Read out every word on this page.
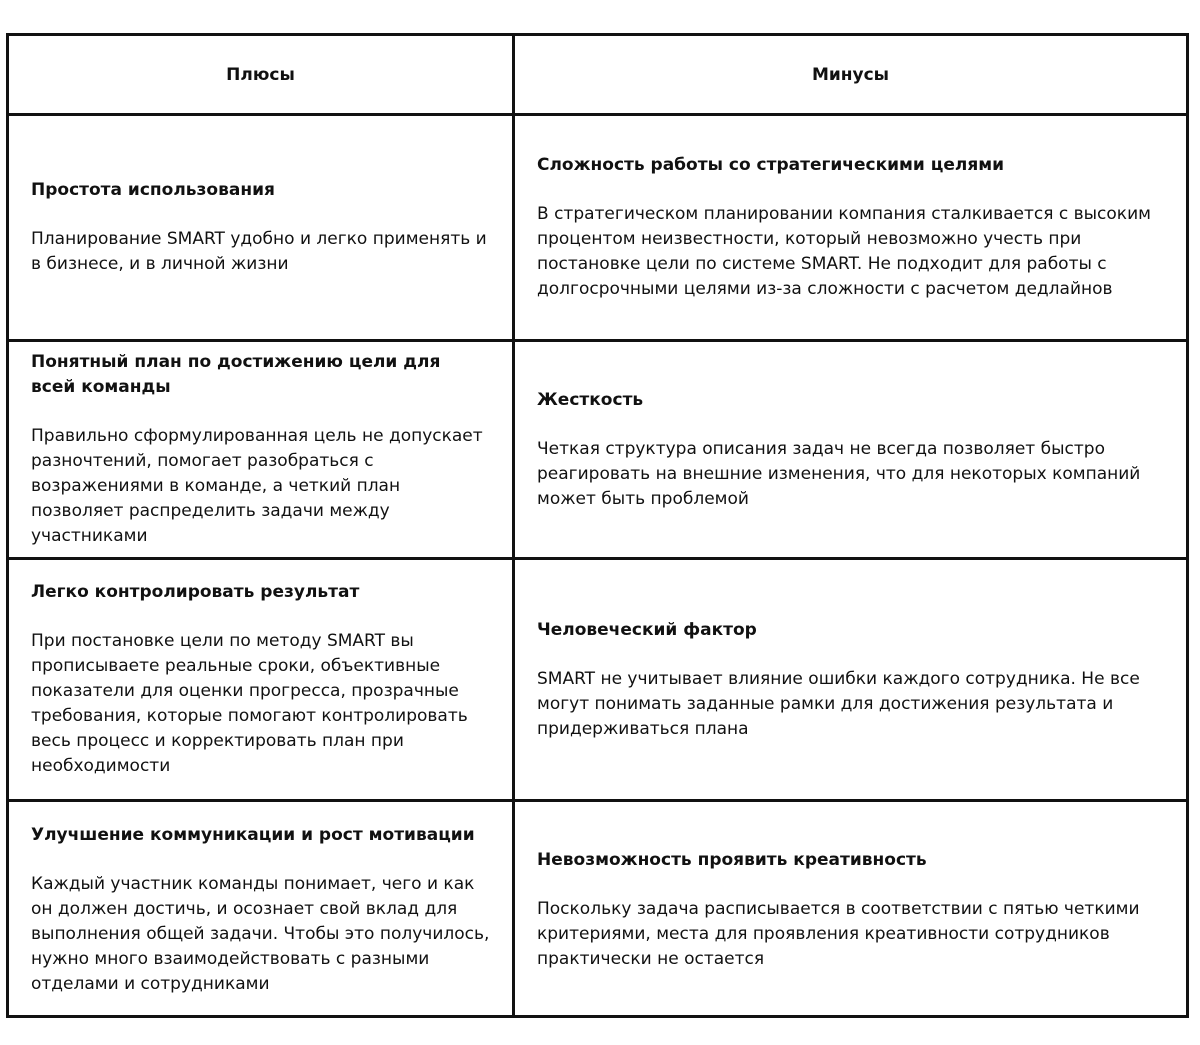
Плюсы	Минусы

Простота использования

Планирование SMART удобно и легко применять и в бизнесе, и в личной жизни

Сложность работы со стратегическими целями

В стратегическом планировании компания сталкивается с высоким процентом неизвестности, который невозможно учесть при постановке цели по системе SMART. Не подходит для работы с долгосрочными целями из-за сложности с расчетом дедлайнов

Понятный план по достижению цели для всей команды

Правильно сформулированная цель не допускает разночтений, помогает разобраться с возражениями в команде, а четкий план позволяет распределить задачи между участниками

Жесткость

Четкая структура описания задач не всегда позволяет быстро реагировать на внешние изменения, что для некоторых компаний может быть проблемой

Легко контролировать результат

При постановке цели по методу SMART вы прописываете реальные сроки, объективные показатели для оценки прогресса, прозрачные требования, которые помогают контролировать весь процесс и корректировать план при необходимости

Человеческий фактор

SMART не учитывает влияние ошибки каждого сотрудника. Не все могут понимать заданные рамки для достижения результата и придерживаться плана

Улучшение коммуникации и рост мотивации

Каждый участник команды понимает, чего и как он должен достичь, и осознает свой вклад для выполнения общей задачи. Чтобы это получилось, нужно много взаимодействовать с разными отделами и сотрудниками

Невозможность проявить креативность

Поскольку задача расписывается в соответствии с пятью четкими критериями, места для проявления креативности сотрудников практически не остается
